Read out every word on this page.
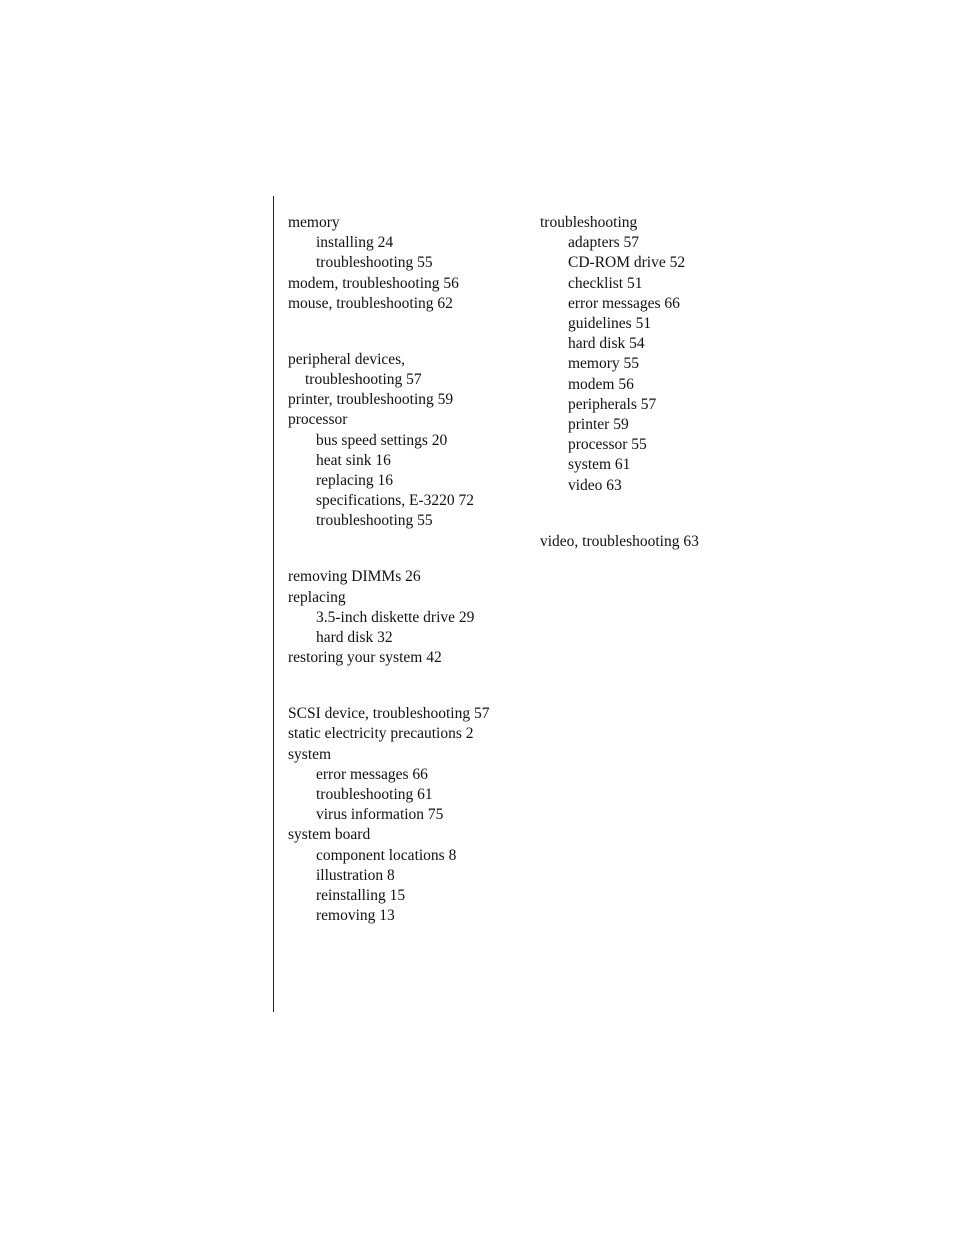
memory
installing 24
troubleshooting 55
modem, troubleshooting 56
mouse, troubleshooting 62
peripheral devices,
troubleshooting 57
printer, troubleshooting 59
processor
bus speed settings 20
heat sink 16
replacing 16
specifications, E-3220 72
troubleshooting 55
removing DIMMs 26
replacing
3.5-inch diskette drive 29
hard disk 32
restoring your system 42
SCSI device, troubleshooting 57
static electricity precautions 2
system
error messages 66
troubleshooting 61
virus information 75
system board
component locations 8
illustration 8
reinstalling 15
removing 13
troubleshooting
adapters 57
CD-ROM drive 52
checklist 51
error messages 66
guidelines 51
hard disk 54
memory 55
modem 56
peripherals 57
printer 59
processor 55
system 61
video 63
video, troubleshooting 63
